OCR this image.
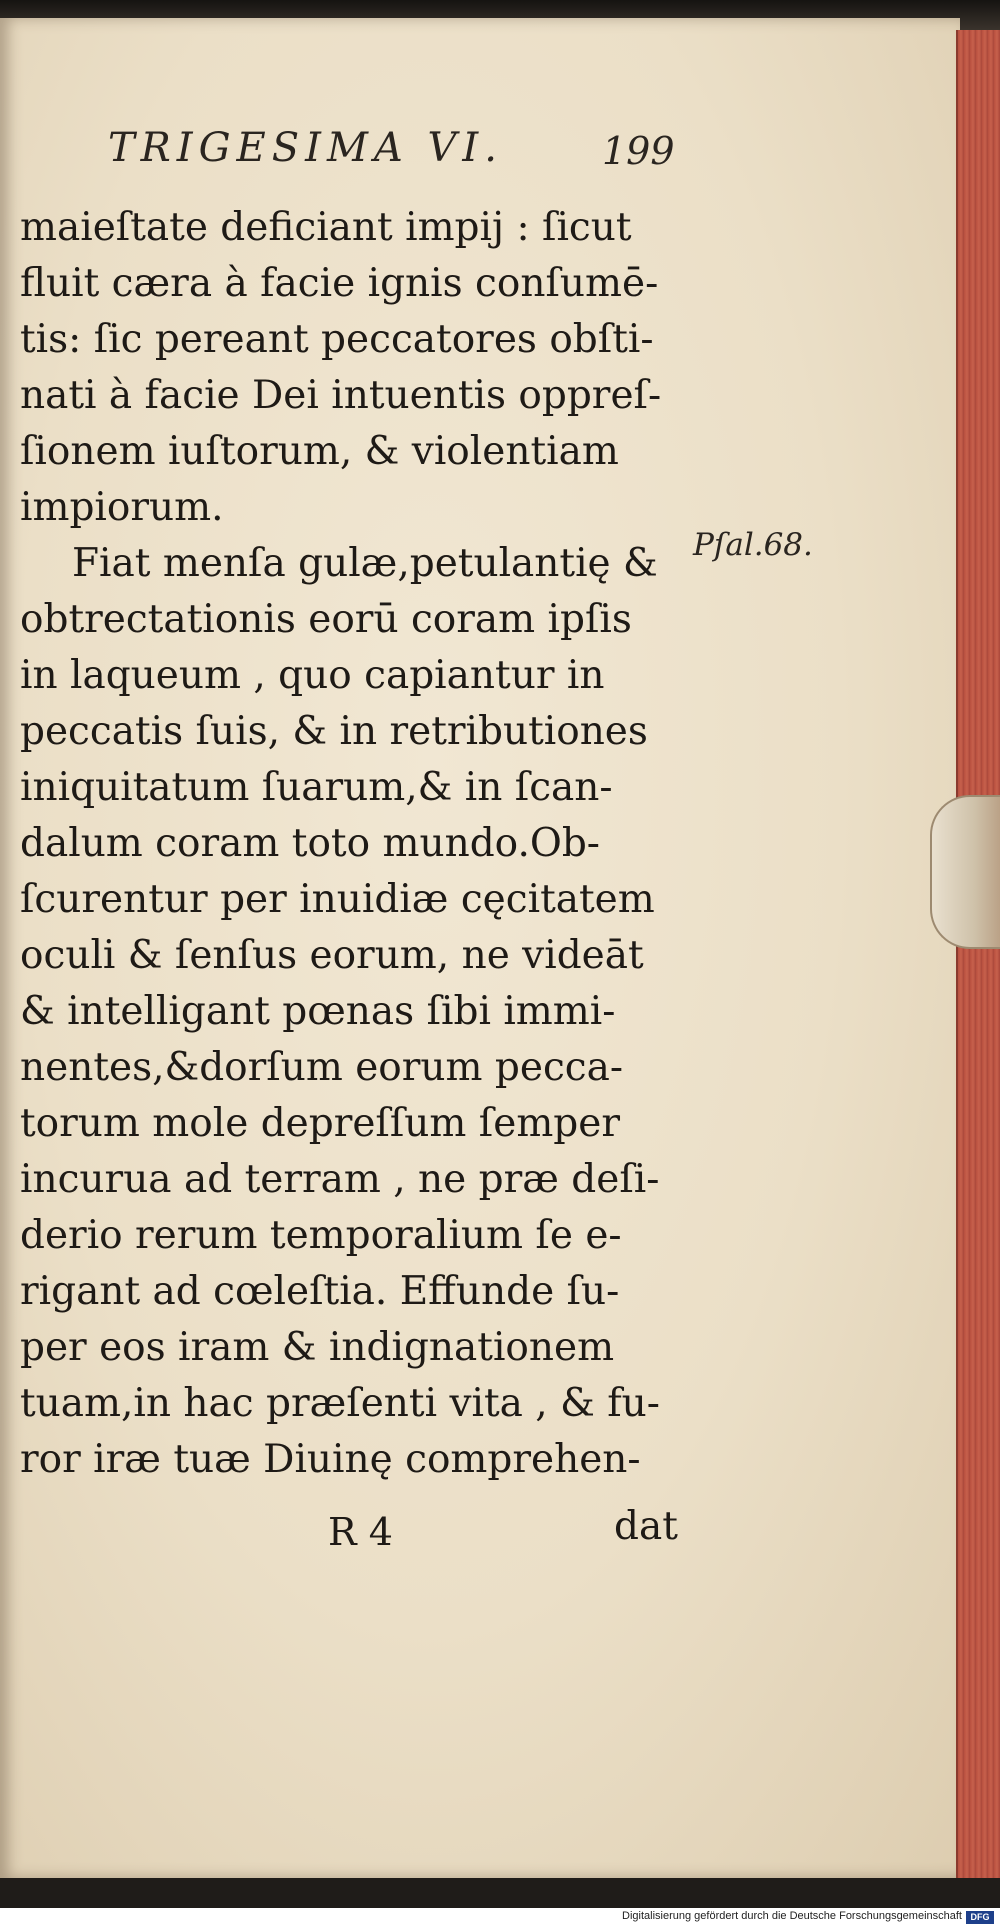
TRIGESIMA VI.	199
maieſtate deficiant impij : ſicut
fluit cæra à facie ignis conſumē-
tis: ſic pereant peccatores obſti-
nati à facie Dei intuentis oppreſ-
ſionem iuſtorum, & violentiam
impiorum.
Fiat menſa gulæ,petulantię &
obtrectationis eorū coram ipſis
in laqueum , quo capiantur in
peccatis ſuis, & in retributiones
iniquitatum ſuarum,& in ſcan-
dalum coram toto mundo.Ob-
ſcurentur per inuidiæ cęcitatem
oculi & ſenſus eorum, ne videāt
& intelligant pœnas ſibi immi-
nentes,&dorſum eorum pecca-
torum mole depreſſum ſemper
incurua ad terram , ne præ deſi-
derio rerum temporalium ſe e-
rigant ad cœleſtia. Effunde ſu-
per eos iram & indignationem
tuam,in hac præſenti vita , & fu-
ror iræ tuæ Diuinę comprehen-
Pſal.68.
R 4	dat
Digitalisierung gefördert durch die Deutsche Forschungsgemeinschaft DFG
